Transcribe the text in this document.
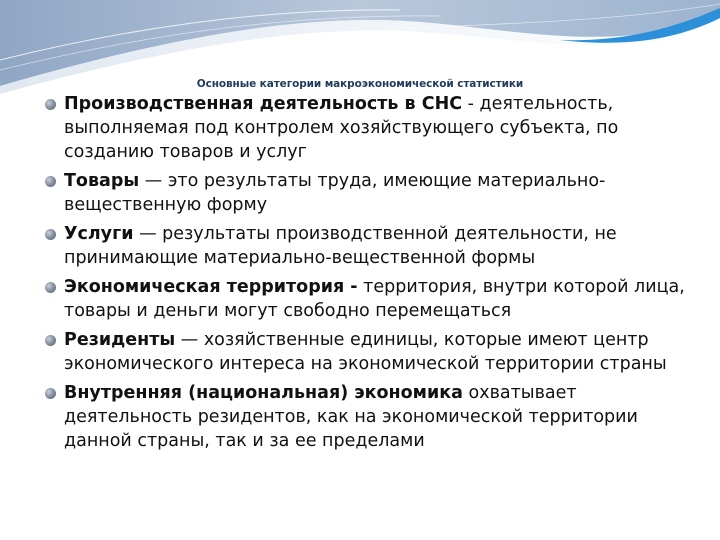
Основные категории макроэкономической статистики
Производственная деятельность в СНС - деятельность, выполняемая под контролем хозяйствующего субъекта, по созданию товаров и услуг
Товары — это результаты труда, имеющие материально-вещественную форму
Услуги — результаты производственной деятельности, не принимающие материально-вещественной формы
Экономическая территория - территория, внутри которой лица, товары и деньги могут свободно перемещаться
Резиденты — хозяйственные единицы, которые имеют центр экономического интереса на экономической территории страны
Внутренняя (национальная) экономика охватывает деятельность резидентов, как на экономической территории данной страны, так и за ее пределами
